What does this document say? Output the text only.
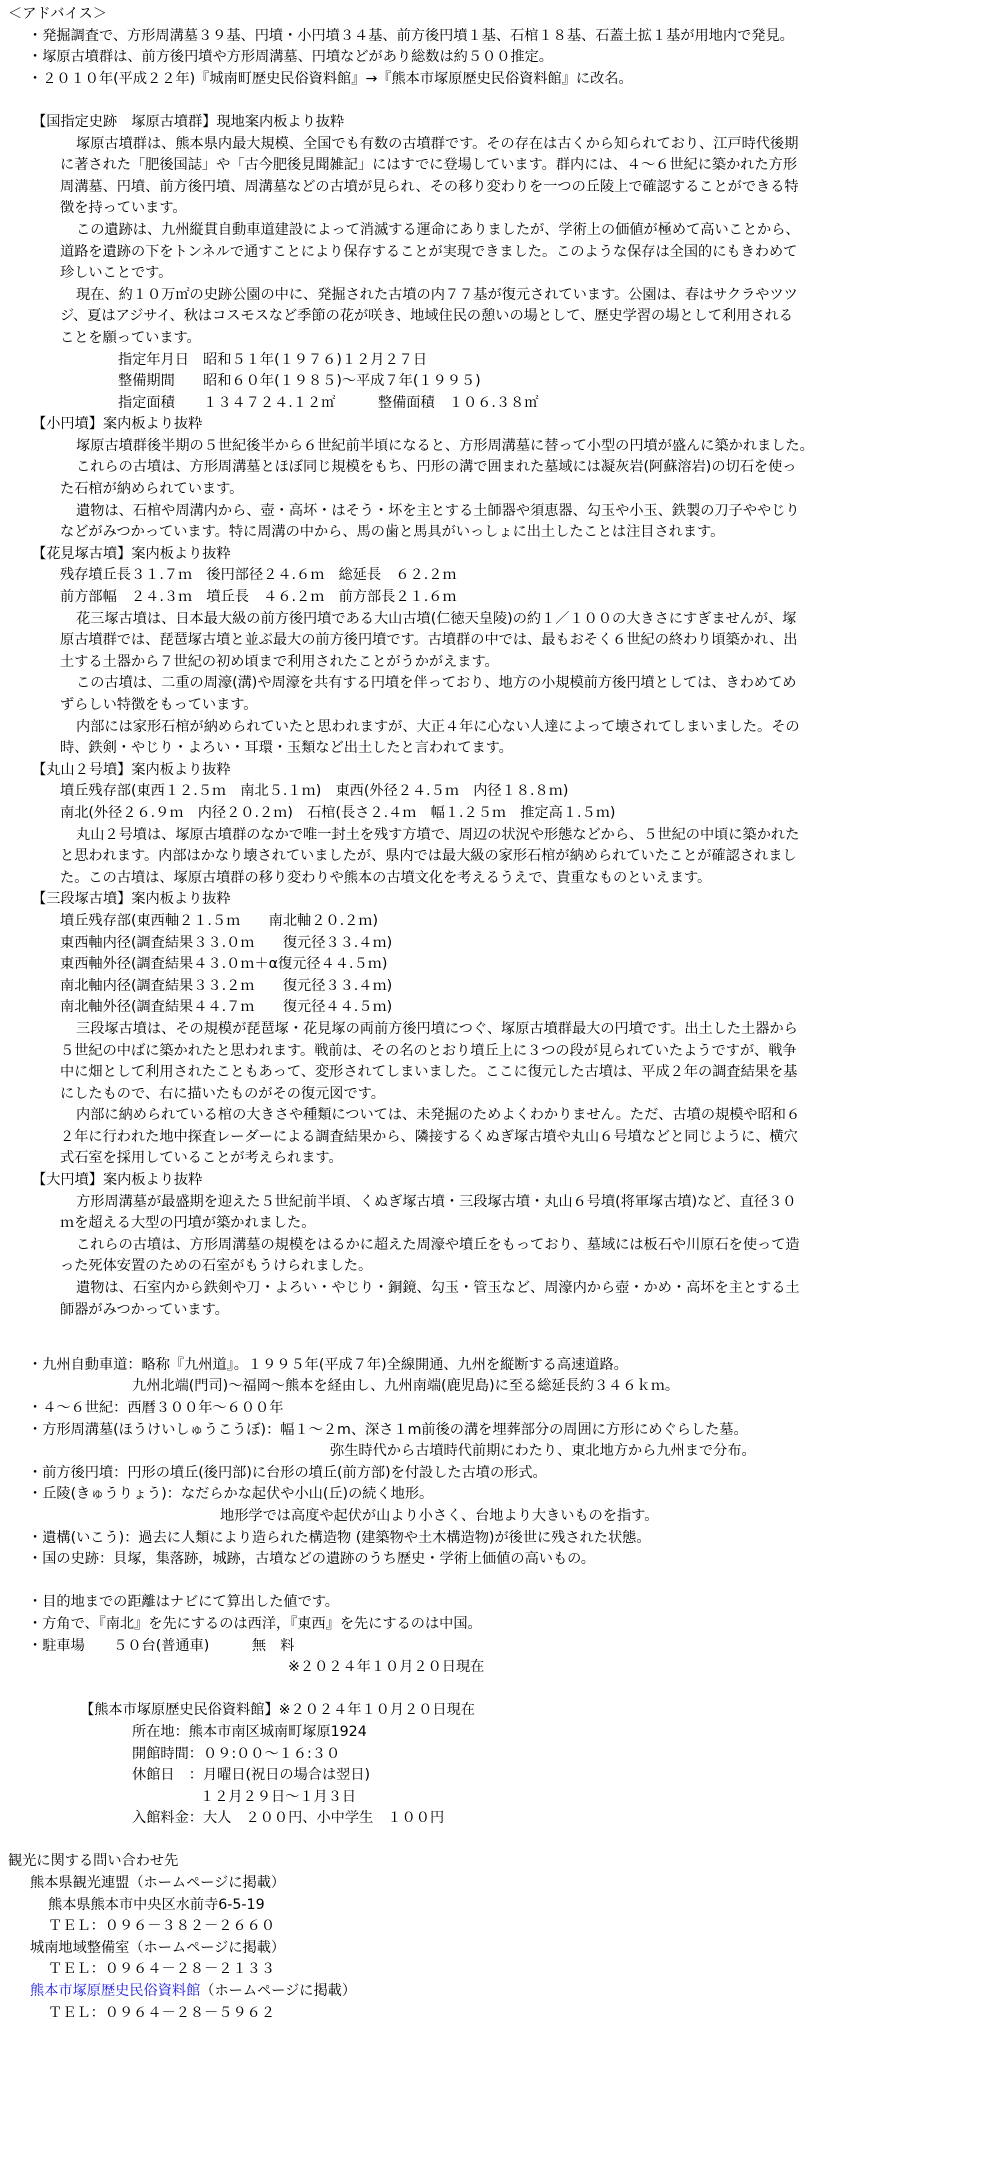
＜アドバイス＞
・発掘調査で、方形周溝墓３９基、円墳・小円墳３４基、前方後円墳１基、石棺１８基、石蓋土拡１基が用地内で発見。
・塚原古墳群は、前方後円墳や方形周溝墓、円墳などがあり総数は約５００推定。
・２０１０年(平成２２年)『城南町歴史民俗資料館』→『熊本市塚原歴史民俗資料館』に改名。
【国指定史跡　塚原古墳群】現地案内板より抜粋
塚原古墳群は、熊本県内最大規模、全国でも有数の古墳群です。その存在は古くから知られており、江戸時代後期
に著された「肥後国誌」や「古今肥後見聞雑記」にはすでに登場しています。群内には、４～６世紀に築かれた方形
周溝墓、円墳、前方後円墳、周溝墓などの古墳が見られ、その移り変わりを一つの丘陵上で確認することができる特
徴を持っています。
この遺跡は、九州縦貫自動車道建設によって消滅する運命にありましたが、学術上の価値が極めて高いことから、
道路を遺跡の下をトンネルで通すことにより保存することが実現できました。このような保存は全国的にもきわめて
珍しいことです。
現在、約１０万㎡の史跡公園の中に、発掘された古墳の内７７基が復元されています。公園は、春はサクラやツツ
ジ、夏はアジサイ、秋はコスモスなど季節の花が咲き、地域住民の憩いの場として、歴史学習の場として利用される
ことを願っています。
指定年月日　昭和５１年(１９７６)１２月２７日
整備期間　　昭和６０年(１９８５)～平成７年(１９９５)
指定面積　　１３４７２４.１２㎡　　　整備面積　１０６.３８㎡
【小円墳】案内板より抜粋
塚原古墳群後半期の５世紀後半から６世紀前半頃になると、方形周溝墓に替って小型の円墳が盛んに築かれました。
これらの古墳は、方形周溝墓とほぼ同じ規模をもち、円形の溝で囲まれた墓域には凝灰岩(阿蘇溶岩)の切石を使っ
た石棺が納められています。
遺物は、石棺や周溝内から、壺・高坏・はそう・坏を主とする土師器や須恵器、勾玉や小玉、鉄製の刀子ややじり
などがみつかっています。特に周溝の中から、馬の歯と馬具がいっしょに出土したことは注目されます。
【花見塚古墳】案内板より抜粋
残存墳丘長３１.７ｍ　後円部径２４.６ｍ　総延長　６２.２ｍ
前方部幅　２４.３ｍ　墳丘長　４６.２ｍ　前方部長２１.６ｍ
花三塚古墳は、日本最大級の前方後円墳である大山古墳(仁徳天皇陵)の約１／１００の大きさにすぎませんが、塚
原古墳群では、琵琶塚古墳と並ぶ最大の前方後円墳です。古墳群の中では、最もおそく６世紀の終わり頃築かれ、出
土する土器から７世紀の初め頃まで利用されたことがうかがえます。
この古墳は、二重の周濠(溝)や周濠を共有する円墳を伴っており、地方の小規模前方後円墳としては、きわめてめ
ずらしい特徴をもっています。
内部には家形石棺が納められていたと思われますが、大正４年に心ない人達によって壊されてしまいました。その
時、鉄剣・やじり・よろい・耳環・玉類など出土したと言われてます。
【丸山２号墳】案内板より抜粋
墳丘残存部(東西１２.５ｍ　南北５.１ｍ)　東西(外径２４.５ｍ　内径１８.８ｍ)
南北(外径２６.９ｍ　内径２０.２ｍ)　石棺(長さ２.４ｍ　幅１.２５ｍ　推定高１.５ｍ)
丸山２号墳は、塚原古墳群のなかで唯一封土を残す方墳で、周辺の状況や形態などから、５世紀の中頃に築かれた
と思われます。内部はかなり壊されていましたが、県内では最大級の家形石棺が納められていたことが確認されまし
た。この古墳は、塚原古墳群の移り変わりや熊本の古墳文化を考えるうえで、貴重なものといえます。
【三段塚古墳】案内板より抜粋
墳丘残存部(東西軸２１.５ｍ　　南北軸２０.２ｍ)
東西軸内径(調査結果３３.０ｍ　　復元径３３.４ｍ)
東西軸外径(調査結果４３.０ｍ＋α復元径４４.５ｍ)
南北軸内径(調査結果３３.２ｍ　　復元径３３.４ｍ)
南北軸外径(調査結果４４.７ｍ　　復元径４４.５ｍ)
三段塚古墳は、その規模が琵琶塚・花見塚の両前方後円墳につぐ、塚原古墳群最大の円墳です。出土した土器から
５世紀の中ばに築かれたと思われます。戦前は、その名のとおり墳丘上に３つの段が見られていたようですが、戦争
中に畑として利用されたこともあって、変形されてしまいました。ここに復元した古墳は、平成２年の調査結果を基
にしたもので、右に描いたものがその復元図です。
内部に納められている棺の大きさや種類については、未発掘のためよくわかりません。ただ、古墳の規模や昭和６
２年に行われた地中探査レーダーによる調査結果から、隣接するくぬぎ塚古墳や丸山６号墳などと同じように、横穴
式石室を採用していることが考えられます。
【大円墳】案内板より抜粋
方形周溝墓が最盛期を迎えた５世紀前半頃、くぬぎ塚古墳・三段塚古墳・丸山６号墳(将軍塚古墳)など、直径３０
ｍを超える大型の円墳が築かれました。
これらの古墳は、方形周溝墓の規模をはるかに超えた周濠や墳丘をもっており、墓域には板石や川原石を使って造
った死体安置のための石室がもうけられました。
遺物は、石室内から鉄剣や刀・よろい・やじり・銅鏡、勾玉・管玉など、周濠内から壺・かめ・高坏を主とする土
師器がみつかっています。
・九州自動車道：略称『九州道』。１９９５年(平成７年)全線開通、九州を縦断する高速道路。
九州北端(門司)～福岡～熊本を経由し、九州南端(鹿児島)に至る総延長約３４６ｋｍ。
・４～６世紀：西暦３００年～６００年
・方形周溝墓(ほうけいしゅうこうぼ)：幅１～２m、深さ１m前後の溝を埋葬部分の周囲に方形にめぐらした墓。
弥生時代から古墳時代前期にわたり、東北地方から九州まで分布。
・前方後円墳：円形の墳丘(後円部)に台形の墳丘(前方部)を付設した古墳の形式。
・丘陵(きゅうりょう)：なだらかな起伏や小山(丘)の続く地形。
地形学では高度や起伏が山より小さく、台地より大きいものを指す。
・遺構(いこう)：過去に人類により造られた構造物 (建築物や土木構造物)が後世に残された状態。
・国の史跡：貝塚，集落跡，城跡，古墳などの遺跡のうち歴史・学術上価値の高いもの。
・目的地までの距離はナビにて算出した値です。
・方角で、『南北』を先にするのは西洋，『東西』を先にするのは中国。
・駐車場　　５０台(普通車)　　　無　料
※２０２４年１０月２０日現在
【熊本市塚原歴史民俗資料館】※２０２４年１０月２０日現在
所在地：熊本市南区城南町塚原1924
開館時間：０９:００～１６:３０
休館日　：月曜日(祝日の場合は翌日)
１２月２９日～１月３日
入館料金：大人　２００円、小中学生　１００円
観光に関する問い合わせ先
熊本県観光連盟（ホームページに掲載）
熊本県熊本市中央区水前寺6-5-19
ＴＥＬ：０９６－３８２－２６６０
城南地域整備室（ホームページに掲載）
ＴＥＬ：０９６４－２８－２１３３
熊本市塚原歴史民俗資料館（ホームページに掲載）
ＴＥＬ：０９６４－２８－５９６２
